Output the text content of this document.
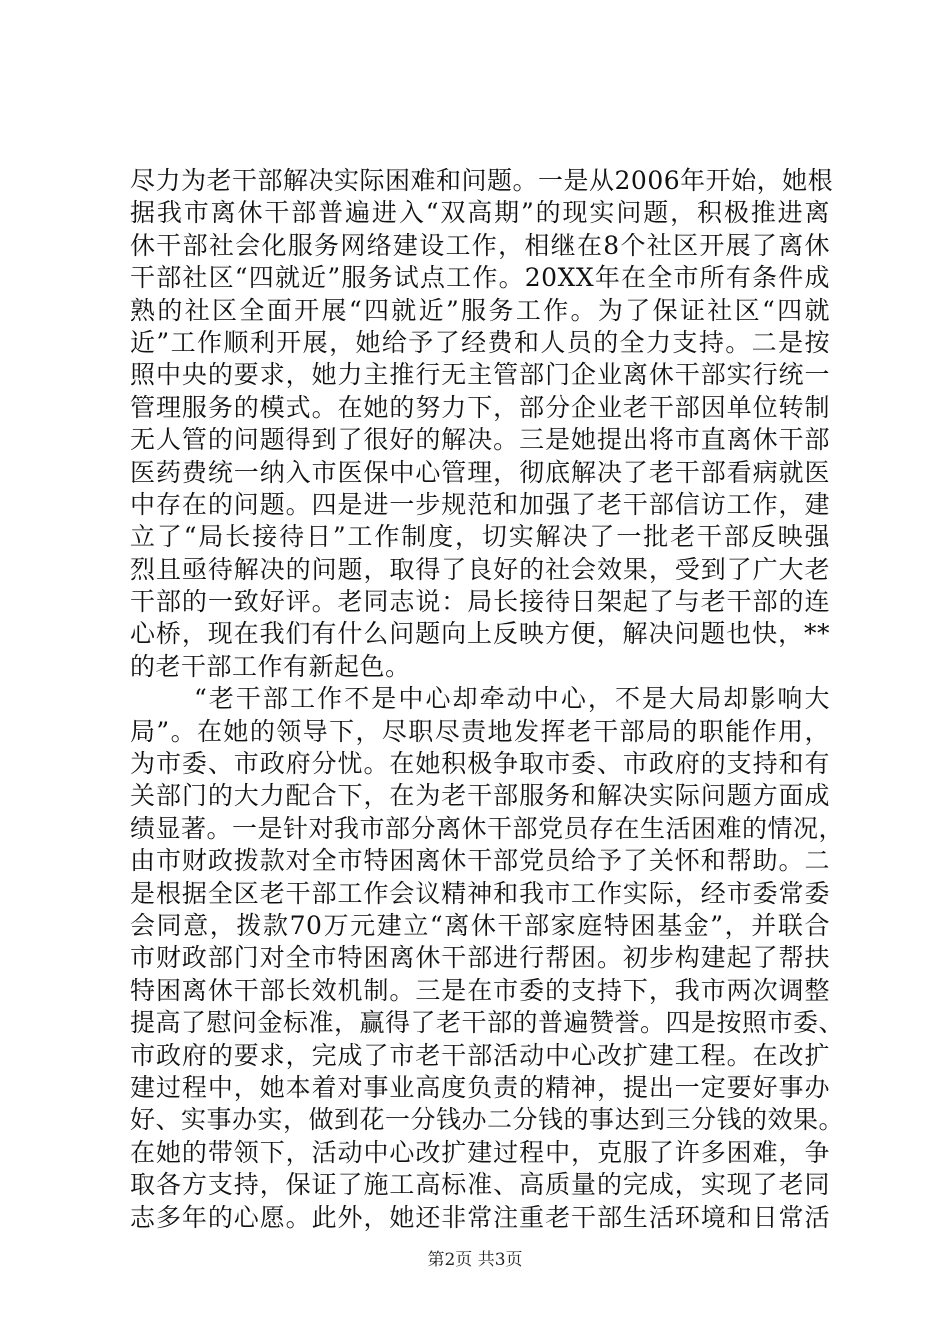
尽力为老干部解决实际困难和问题。一是从2006年开始，她根
据我市离休干部普遍进入“双高期”的现实问题，积极推进离
休干部社会化服务网络建设工作，相继在8个社区开展了离休
干部社区“四就近”服务试点工作。20XX年在全市所有条件成
熟的社区全面开展“四就近”服务工作。为了保证社区“四就
近”工作顺利开展，她给予了经费和人员的全力支持。二是按
照中央的要求，她力主推行无主管部门企业离休干部实行统一
管理服务的模式。在她的努力下，部分企业老干部因单位转制
无人管的问题得到了很好的解决。三是她提出将市直离休干部
医药费统一纳入市医保中心管理，彻底解决了老干部看病就医
中存在的问题。四是进一步规范和加强了老干部信访工作，建
立了“局长接待日”工作制度，切实解决了一批老干部反映强
烈且亟待解决的问题，取得了良好的社会效果，受到了广大老
干部的一致好评。老同志说：局长接待日架起了与老干部的连
心桥，现在我们有什么问题向上反映方便，解决问题也快，**
的老干部工作有新起色。
“老干部工作不是中心却牵动中心，不是大局却影响大
局”。在她的领导下，尽职尽责地发挥老干部局的职能作用，
为市委、市政府分忧。在她积极争取市委、市政府的支持和有
关部门的大力配合下，在为老干部服务和解决实际问题方面成
绩显著。一是针对我市部分离休干部党员存在生活困难的情况，
由市财政拨款对全市特困离休干部党员给予了关怀和帮助。二
是根据全区老干部工作会议精神和我市工作实际，经市委常委
会同意，拨款70万元建立“离休干部家庭特困基金”，并联合
市财政部门对全市特困离休干部进行帮困。初步构建起了帮扶
特困离休干部长效机制。三是在市委的支持下，我市两次调整
提高了慰问金标准，赢得了老干部的普遍赞誉。四是按照市委、
市政府的要求，完成了市老干部活动中心改扩建工程。在改扩
建过程中，她本着对事业高度负责的精神，提出一定要好事办
好、实事办实，做到花一分钱办二分钱的事达到三分钱的效果。
在她的带领下，活动中心改扩建过程中，克服了许多困难，争
取各方支持，保证了施工高标准、高质量的完成，实现了老同
志多年的心愿。此外，她还非常注重老干部生活环境和日常活
第2页 共3页
